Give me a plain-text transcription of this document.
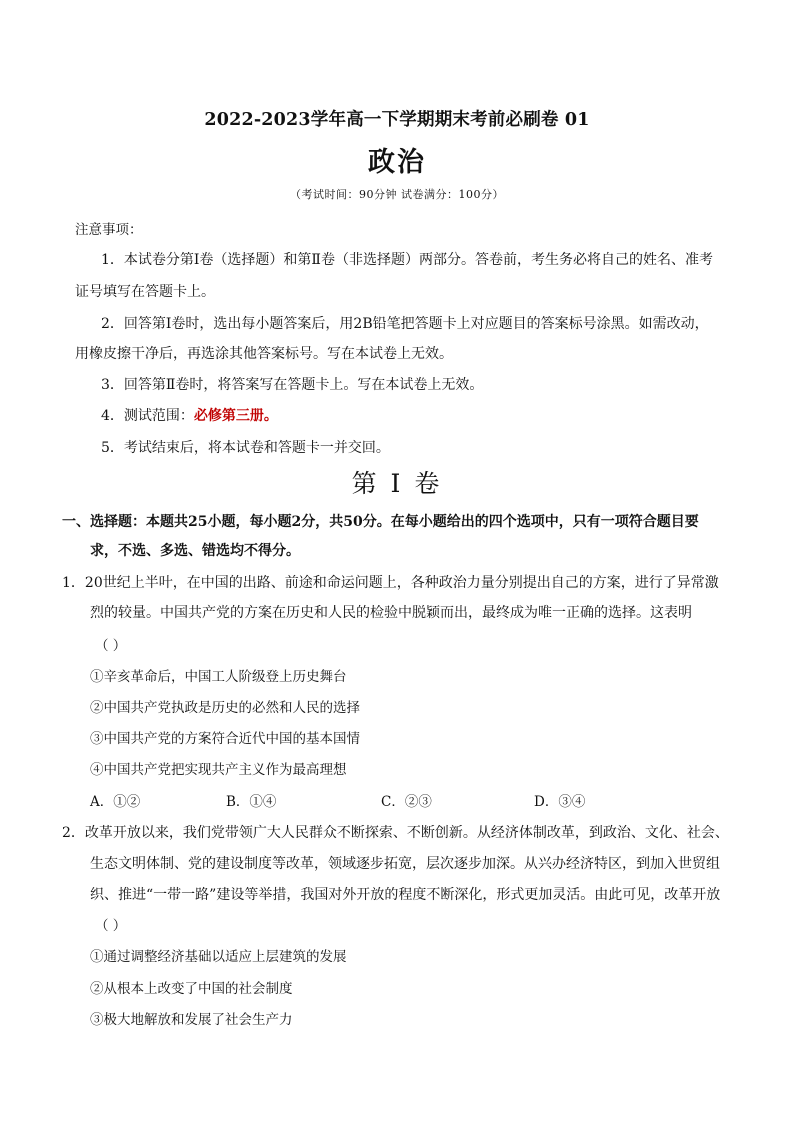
2022-2023学年高一下学期期末考前必刷卷 01
政治
（考试时间：90分钟 试卷满分：100分）
注意事项：
1．本试卷分第Ⅰ卷（选择题）和第Ⅱ卷（非选择题）两部分。答卷前，考生务必将自己的姓名、准考
证号填写在答题卡上。
2．回答第Ⅰ卷时，选出每小题答案后，用2B铅笔把答题卡上对应题目的答案标号涂黑。如需改动，
用橡皮擦干净后，再选涂其他答案标号。写在本试卷上无效。
3．回答第Ⅱ卷时，将答案写在答题卡上。写在本试卷上无效。
4．测试范围：必修第三册。
5．考试结束后，将本试卷和答题卡一并交回。
第 I 卷
一、选择题：本题共25小题，每小题2分，共50分。在每小题给出的四个选项中，只有一项符合题目要
求，不选、多选、错选均不得分。
1．20世纪上半叶，在中国的出路、前途和命运问题上，各种政治力量分别提出自己的方案，进行了异常激
烈的较量。中国共产党的方案在历史和人民的检验中脱颖而出，最终成为唯一正确的选择。这表明
（ ）
①辛亥革命后，中国工人阶级登上历史舞台
②中国共产党执政是历史的必然和人民的选择
③中国共产党的方案符合近代中国的基本国情
④中国共产党把实现共产主义作为最高理想
A．①②	B．①④	C．②③	D．③④
2．改革开放以来，我们党带领广大人民群众不断探索、不断创新。从经济体制改革，到政治、文化、社会、
生态文明体制、党的建设制度等改革，领域逐步拓宽，层次逐步加深。从兴办经济特区，到加入世贸组
织、推进“一带一路”建设等举措，我国对外开放的程度不断深化，形式更加灵活。由此可见，改革开放
（ ）
①通过调整经济基础以适应上层建筑的发展
②从根本上改变了中国的社会制度
③极大地解放和发展了社会生产力
